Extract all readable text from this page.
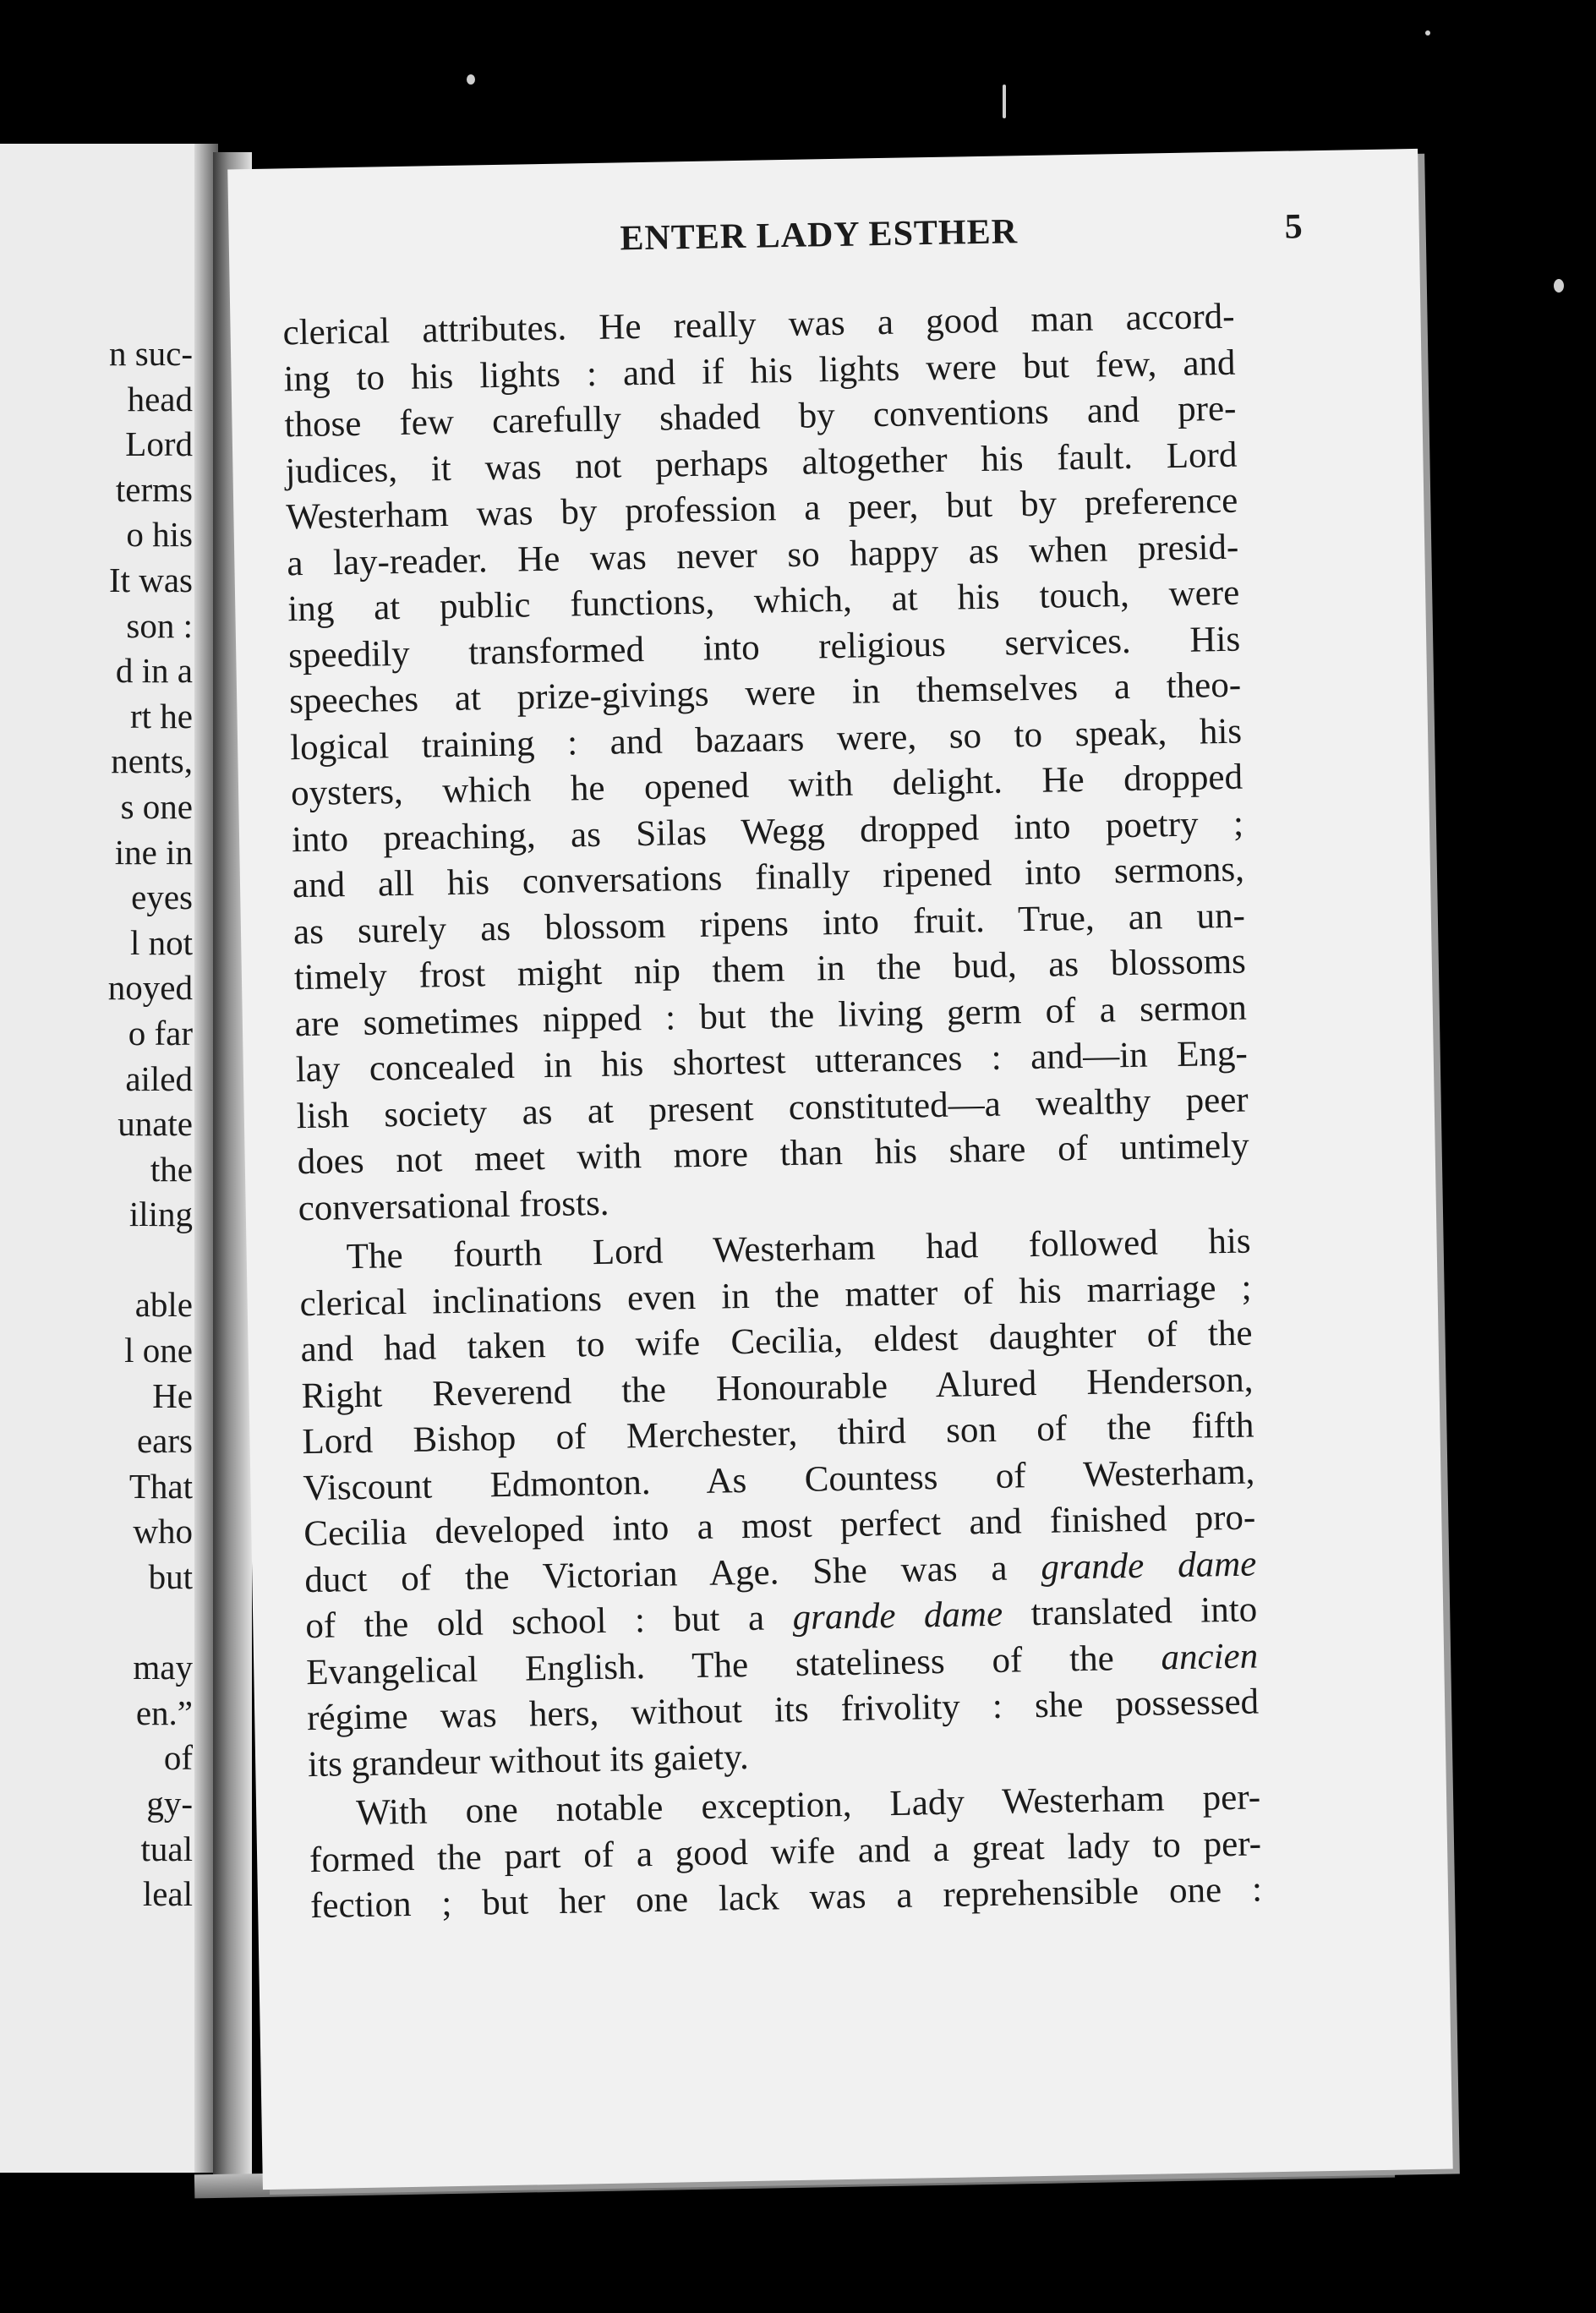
n suc-
head
Lord
terms
o his
It was
son :
d in a
rt he
nents,
s one
ine in
eyes
l not
noyed
o far
ailed
unate
the
iling
able
l one
He
ears
That
who
but
may
en.”
of
gy-
tual
leal
ENTER LADY ESTHER	5
clerical attributes. He really was a good man accord-
ing to his lights : and if his lights were but few, and
those few carefully shaded by conventions and pre-
judices, it was not perhaps altogether his fault. Lord
Westerham was by profession a peer, but by preference
a lay-reader. He was never so happy as when presid-
ing at public functions, which, at his touch, were
speedily transformed into religious services. His
speeches at prize-givings were in themselves a theo-
logical training : and bazaars were, so to speak, his
oysters, which he opened with delight. He dropped
into preaching, as Silas Wegg dropped into poetry ;
and all his conversations finally ripened into sermons,
as surely as blossom ripens into fruit. True, an un-
timely frost might nip them in the bud, as blossoms
are sometimes nipped : but the living germ of a sermon
lay concealed in his shortest utterances : and—in Eng-
lish society as at present constituted—a wealthy peer
does not meet with more than his share of untimely
conversational frosts.
The fourth Lord Westerham had followed his
clerical inclinations even in the matter of his marriage ;
and had taken to wife Cecilia, eldest daughter of the
Right Reverend the Honourable Alured Henderson,
Lord Bishop of Merchester, third son of the fifth
Viscount Edmonton. As Countess of Westerham,
Cecilia developed into a most perfect and finished pro-
duct of the Victorian Age. She was a grande dame
of the old school : but a grande dame translated into
Evangelical English. The stateliness of the ancien
régime was hers, without its frivolity : she possessed
its grandeur without its gaiety.
With one notable exception, Lady Westerham per-
formed the part of a good wife and a great lady to per-
fection ; but her one lack was a reprehensible one :
